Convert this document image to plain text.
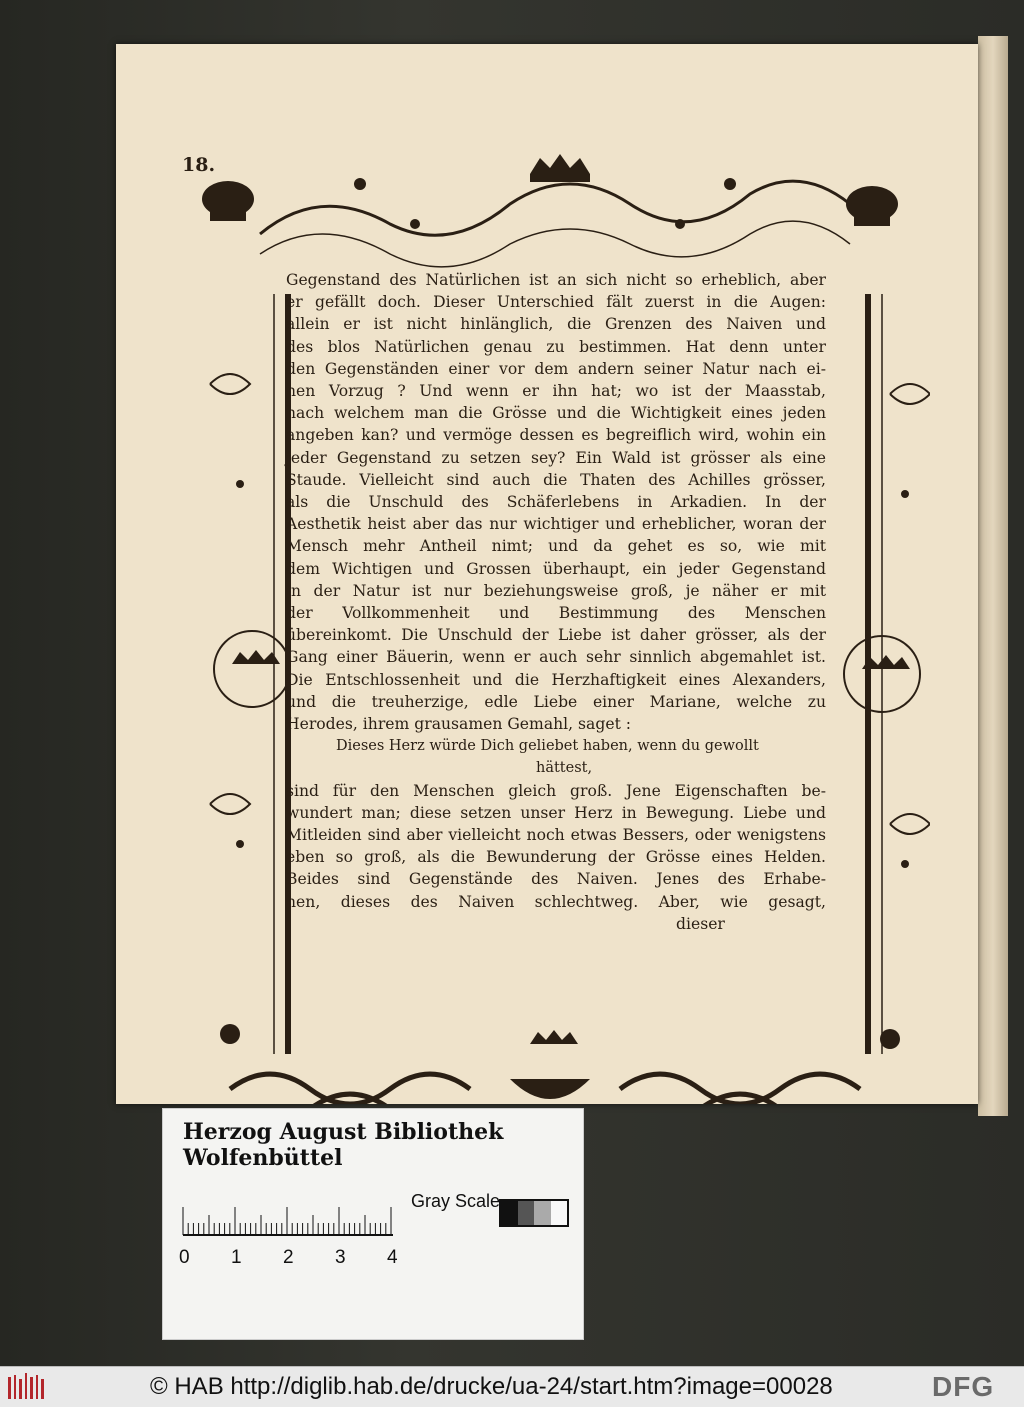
18.
Gegenstand des Natürlichen ist an sich nicht so erheblich, aber
er gefällt doch. Dieser Unterschied fält zuerst in die Augen:
allein er ist nicht hinlänglich, die Grenzen des Naiven und
des blos Natürlichen genau zu bestimmen. Hat denn unter
den Gegenständen einer vor dem andern seiner Natur nach ei-
nen Vorzug ? Und wenn er ihn hat; wo ist der Maasstab,
nach welchem man die Grösse und die Wichtigkeit eines jeden
angeben kan? und vermöge dessen es begreiflich wird, wohin ein
jeder Gegenstand zu setzen sey? Ein Wald ist grösser als eine
Staude. Vielleicht sind auch die Thaten des Achilles grösser,
als die Unschuld des Schäferlebens in Arkadien. In der
Aesthetik heist aber das nur wichtiger und erheblicher, woran der
Mensch mehr Antheil nimt; und da gehet es so, wie mit
dem Wichtigen und Grossen überhaupt, ein jeder Gegenstand
in der Natur ist nur beziehungsweise groß, je näher er mit
der Vollkommenheit und Bestimmung des Menschen
übereinkomt. Die Unschuld der Liebe ist daher grösser, als der
Gang einer Bäuerin, wenn er auch sehr sinnlich abgemahlet ist.
Die Entschlossenheit und die Herzhaftigkeit eines Alexanders,
und die treuherzige, edle Liebe einer Mariane, welche zu
Herodes, ihrem grausamen Gemahl, saget :
Dieses Herz würde Dich geliebet haben, wenn du gewollt
hättest,
sind für den Menschen gleich groß. Jene Eigenschaften be-
wundert man; diese setzen unser Herz in Bewegung. Liebe und
Mitleiden sind aber vielleicht noch etwas Bessers, oder wenigstens
eben so groß, als die Bewunderung der Grösse eines Helden.
Beides sind Gegenstände des Naiven. Jenes des Erhabe-
nen, dieses des Naiven schlechtweg. Aber, wie gesagt,
dieser
Herzog August Bibliothek Wolfenbüttel
0 1 2 3 4
Gray Scale
© HAB http://diglib.hab.de/drucke/ua-24/start.htm?image=00028	DFG
